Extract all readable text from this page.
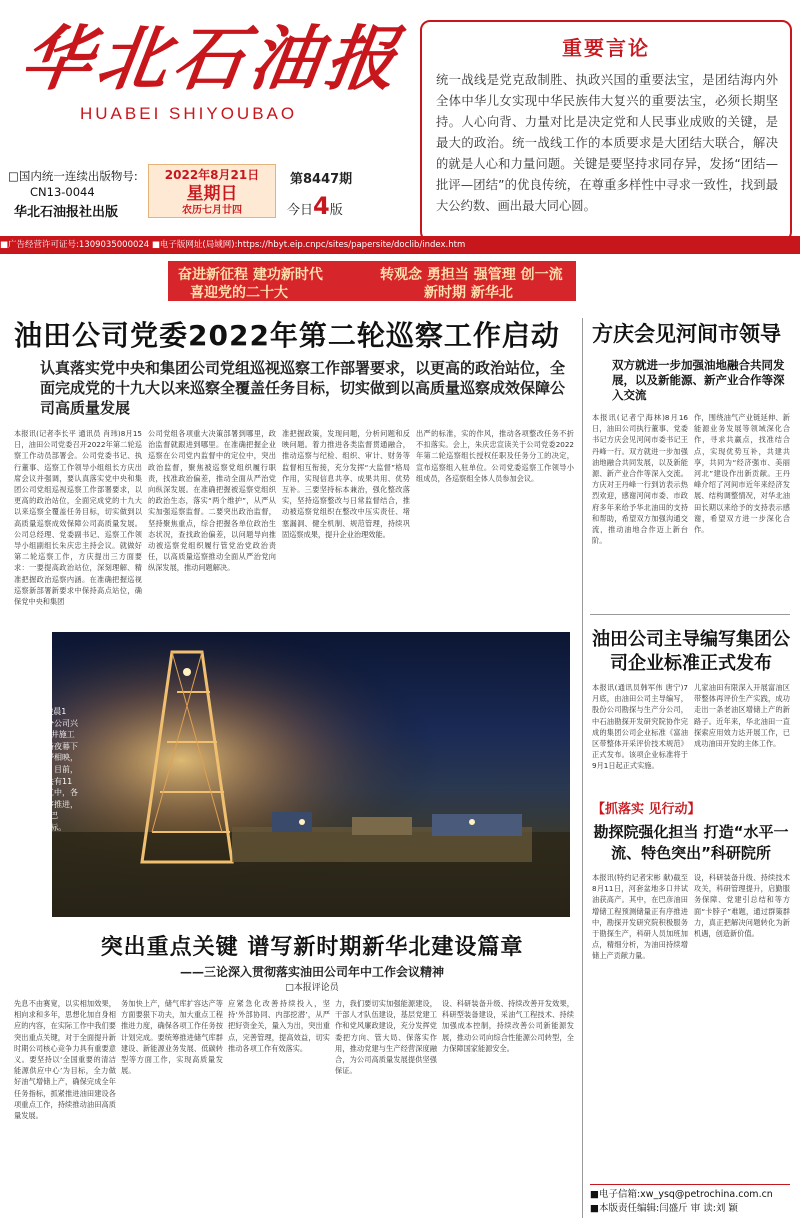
华北石油报
HUABEI SHIYOUBAO
□国内统一连续出版物号:
CN13-0044
华北石油报社出版
2022年8月21日
星期日
农历七月廿四
第8447期
今日4版
重要言论
统一战线是党克敌制胜、执政兴国的重要法宝，是团结海内外全体中华儿女实现中华民族伟大复兴的重要法宝，必须长期坚持。人心向背、力量对比是决定党和人民事业成败的关键，是最大的政治。统一战线工作的本质要求是大团结大联合，解决的就是人心和力量问题。关键是要坚持求同存异，发扬“团结—批评—团结”的优良传统，在尊重多样性中寻求一致性，找到最大公约数、画出最大同心圆。
■广告经营许可证号:1309035000024 ■电子版网址(局域网):https://hbyt.eip.cnpc/sites/papersite/doclib/index.htm
奋进新征程 建功新时代
喜迎党的二十大
转观念 勇担当 强管理 创一流
新时期 新华北
油田公司党委2022年第二轮巡察工作启动
认真落实党中央和集团公司党组巡视巡察工作部署要求，以更高的政治站位，全面完成党的十九大以来巡察全覆盖任务目标，切实做到以高质量巡察成效保障公司高质量发展
本报讯(记者李长平 通讯员 肖玮)8月15日，油田公司党委召开2022年第二轮巡察工作动员部署会。公司党委书记、执行董事、巡察工作领导小组组长方庆出席会议并强调，要认真落实党中央和集团公司党组巡视巡察工作部署要求，以更高的政治站位，全面完成党的十九大以来巡察全覆盖任务目标，切实做到以高质量巡察成效保障公司高质量发展。公司总经理、党委副书记、巡察工作领导小组副组长朱庆忠主持会议。就做好第二轮巡察工作，方庆提出三方面要求：一要提高政治站位，深刻理解、精准把握政治巡察内涵。在准确把握巡视巡察新部署新要求中保持高点站位，确保党中央和集团
公司党组各项重大决策部署到哪里，政治监督就跟进到哪里。在准确把握企业巡察在公司党内监督中的定位中，突出政治监督，聚焦被巡察党组织履行职责，找准政治偏差，推动全面从严治党向纵深发展。在准确把握被巡察党组织的政治生态，落实“两个维护”，从严从实加强巡察监督。二要突出政治监督，坚持聚焦重点，综合把握各单位政治生态状况，查找政治偏差，以问题导向推动被巡察党组织履行管党治党政治责任，以高质量巡察推动全面从严治党向纵深发展，推动问题解决。
准把握政策，发现问题，分析问题和反映问题。着力推进各类监督贯通融合，推动巡察与纪检、组织、审计、财务等监督相互衔接，充分发挥“大监督”格局作用，实现信息共享、成果共用、优势互补。三要坚持标本兼治，强化整改落实，坚持巡察整改与日常监督结合，推动被巡察党组织在整改中压实责任、堵塞漏洞、健全机制、规范管理，持续巩固巡察成果，提升企业治理效能。
出严的标准，实的作风，推动各项整改任务不折不扣落实。会上，朱庆忠宣读关于公司党委2022年第二轮巡察组长授权任职及任务分工的决定，宣布巡察组入驻单位。公司党委巡察工作领导小组成员，各巡察组全体人员参加会议。
8月15日凌晨1点，巴彦分公司兴华1-171X井施工现场，设备夜幕下与周边旷野相映，灯火通明。目前，巴彦油田共有11口井在施工中，各项施工有序推进，努力实现“巴彦”会战目标。
突出重点关键 谱写新时期新华北建设篇章
——三论深入贯彻落实油田公司年中工作会议精神
□本报评论员
先息不由赛宽，以实相加效果，相向求和多年，思想化加自身相应的内容，在实际工作中我们要突出重点关键，对于全面提升新时期公司核心竞争力具有重要意义。要坚持以‘全国重要的清洁能源供应中心’为目标，全力做好油气增储上产，确保完成全年任务指标，抓紧推进油田建设各项重点工作，持续推动油田高质量发展。
务加快上产，储气库扩容达产等方面要狠下功夫，加大重点工程推进力度，确保各项工作任务按计划完成。要统筹推进储气库群建设、新能源业务发展、低碳转型等方面工作，实现高质量发展。
应紧急化改善持续投入，坚持‘外部协同、内部挖潜’，从严把好资金关，量入为出，突出重点，完善管理，提高效益，切实推动各项工作有效落实。
力，我们要切实加强能源建设，干部人才队伍建设，基层党建工作和党风廉政建设，充分发挥党委把方向、管大局、保落实作用，推动党建与生产经营深度融合，为公司高质量发展提供坚强保证。
设、科研装备升级、持续改善开发效果，科研型装备建设，采油气工程技术、持续加强成本控制，持续改善公司新能源发展，推动公司向综合性能源公司转型，全力保障国家能源安全。
方庆会见河间市领导
双方就进一步加强油地融合共同发展，以及新能源、新产业合作等深入交流
本报讯(记者宁海林)8月16日，油田公司执行董事、党委书记方庆会见河间市委书记王丹峰一行。双方就进一步加强油地融合共同发展，以及新能源、新产业合作等深入交流。方庆对王丹峰一行到访表示热烈欢迎，感谢河间市委、市政府多年来给予华北油田的支持和帮助，希望双方加强沟通交流，推动油地合作迈上新台阶。
作，围绕油气产业链延伸、新能源业务发展等领域深化合作，寻求共赢点，找准结合点，实现优势互补，共建共享，共同为“经济强市、美丽河北”建设作出新贡献。王丹峰介绍了河间市近年来经济发展、结构调整情况，对华北油田长期以来给予的支持表示感谢，希望双方进一步深化合作。
油田公司主导编写集团公司企业标准正式发布
本报讯(通讯员韩军伟 唐宁)7月底，由油田公司主导编写，股份公司勘探与生产分公司，中石油勘探开发研究院协作完成的集团公司企业标准《富油区带整体开采评价技术规范》正式发布。该项企业标准将于9月1日起正式实施。
儿家油田有限深入开展富油区带整体再评价生产实践，成功走出一条老油区增储上产的新路子。近年来，华北油田一直探索应用效力达开展工作，已成功油田开发的主体工作。
【抓落实 见行动】
勘探院强化担当 打造“水平一流、特色突出”科研院所
本报讯(特约记者宋彬 献)截至8月11日，河套盆地多口井试油获高产。其中，在巴彦油田增储工程预测储量正有序推进中，勘探开发研究院积极服务于勘探生产，科研人员加班加点，精细分析，为油田持续增储上产贡献力量。
设，科研装备升级、持续技术攻关，科研管理提升，启勤服务保障、党建引总结和等方面“卡脖子”难题，通过群策群力，真正把解决问题转化为新机遇，创造新价值。
■电子信箱:xw_ysq@petrochina.com.cn
■本版责任编辑:闫盛斤 审 读:刘 颖
